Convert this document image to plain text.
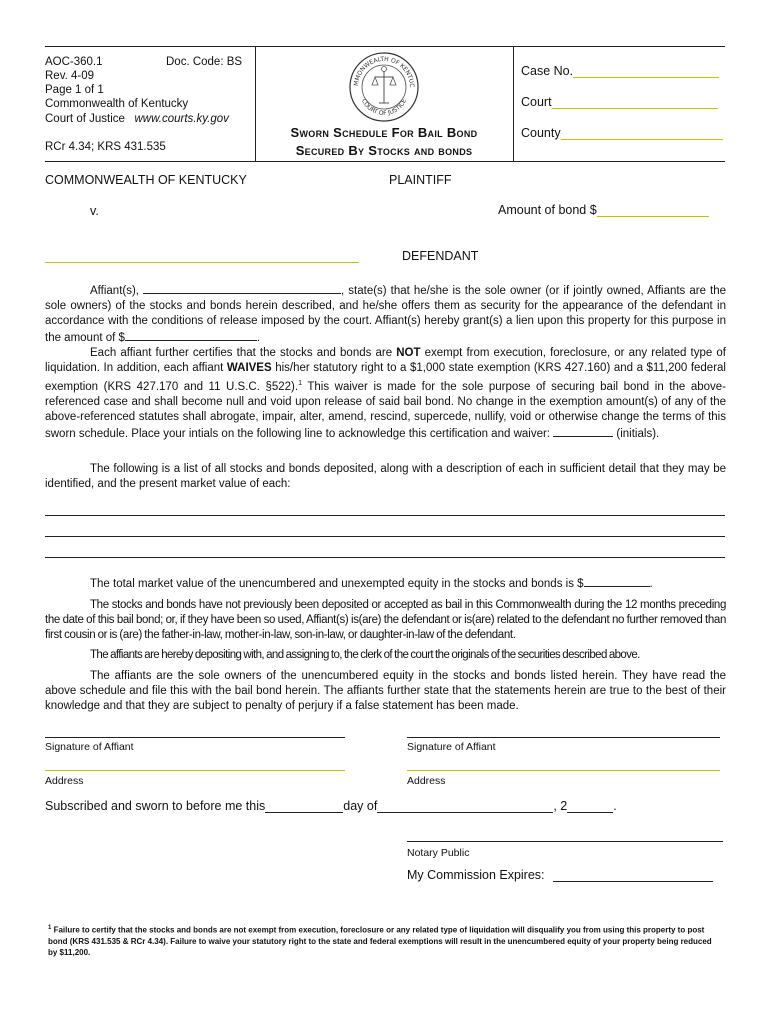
AOC-360.1	Doc. Code: BS
Rev. 4-09
Page 1 of 1
Commonwealth of Kentucky
Court of Justice www.courts.ky.gov
RCr 4.34; KRS 431.535
MMONWEALTH OF KENTUC
COURT OF JUSTICE
Sworn Schedule For Bail Bond
Secured By Stocks and bonds
Case No.
Court
County
COMMONWEALTH OF KENTUCKY	PLAINTIFF
v.	Amount of bond $
DEFENDANT
Affiant(s),	, state(s) that he/she is the sole owner (or if jointly owned, Affiants are the sole owners) of the stocks and bonds herein described, and he/she offers them as security for the appearance of the defendant in accordance with the conditions of release imposed by the court. Affiant(s) hereby grant(s) a lien upon this property for this purpose in the amount of $	.
Each affiant further certifies that the stocks and bonds are NOT exempt from execution, foreclosure, or any related type of liquidation. In addition, each affiant WAIVES his/her statutory right to a $1,000 state exemption (KRS 427.160) and a $11,200 federal exemption (KRS 427.170 and 11 U.S.C. §522).$^1$ This waiver is made for the sole purpose of securing bail bond in the above-referenced case and shall become null and void upon release of said bail bond. No change in the exemption amount(s) of any of the above-referenced statutes shall abrogate, impair, alter, amend, rescind, supercede, nullify, void or otherwise change the terms of this sworn schedule. Place your intials on the following line to acknowledge this certification and waiver:	(initials).
The following is a list of all stocks and bonds deposited, along with a description of each in sufficient detail that they may be identified, and the present market value of each:
The total market value of the unencumbered and unexempted equity in the stocks and bonds is $	.
The stocks and bonds have not previously been deposited or accepted as bail in this Commonwealth during the 12 months preceding the date of this bail bond; or, if they have been so used, Affiant(s) is(are) the defendant or is(are) related to the defendant no further removed than first cousin or is (are) the father-in-law, mother-in-law, son-in-law, or daughter-in-law of the defendant.
The affiants are hereby depositing with, and assigning to, the clerk of the court the originals of the securities described above.
The affiants are the sole owners of the unencumbered equity in the stocks and bonds listed herein. They have read the above schedule and file this with the bail bond herein. The affiants further state that the statements herein are true to the best of their knowledge and that they are subject to penalty of perjury if a false statement has been made.
Signature of Affiant	Signature of Affiant
Address	Address
Subscribed and sworn to before me this	day of	, 2	.
Notary Public
My Commission Expires:
$^1$ Failure to certify that the stocks and bonds are not exempt from execution, foreclosure or any related type of liquidation will disqualify you from using this property to post bond (KRS 431.535 & RCr 4.34). Failure to waive your statutory right to the state and federal exemptions will result in the unencumbered equity of your property being reduced by $11,200.
